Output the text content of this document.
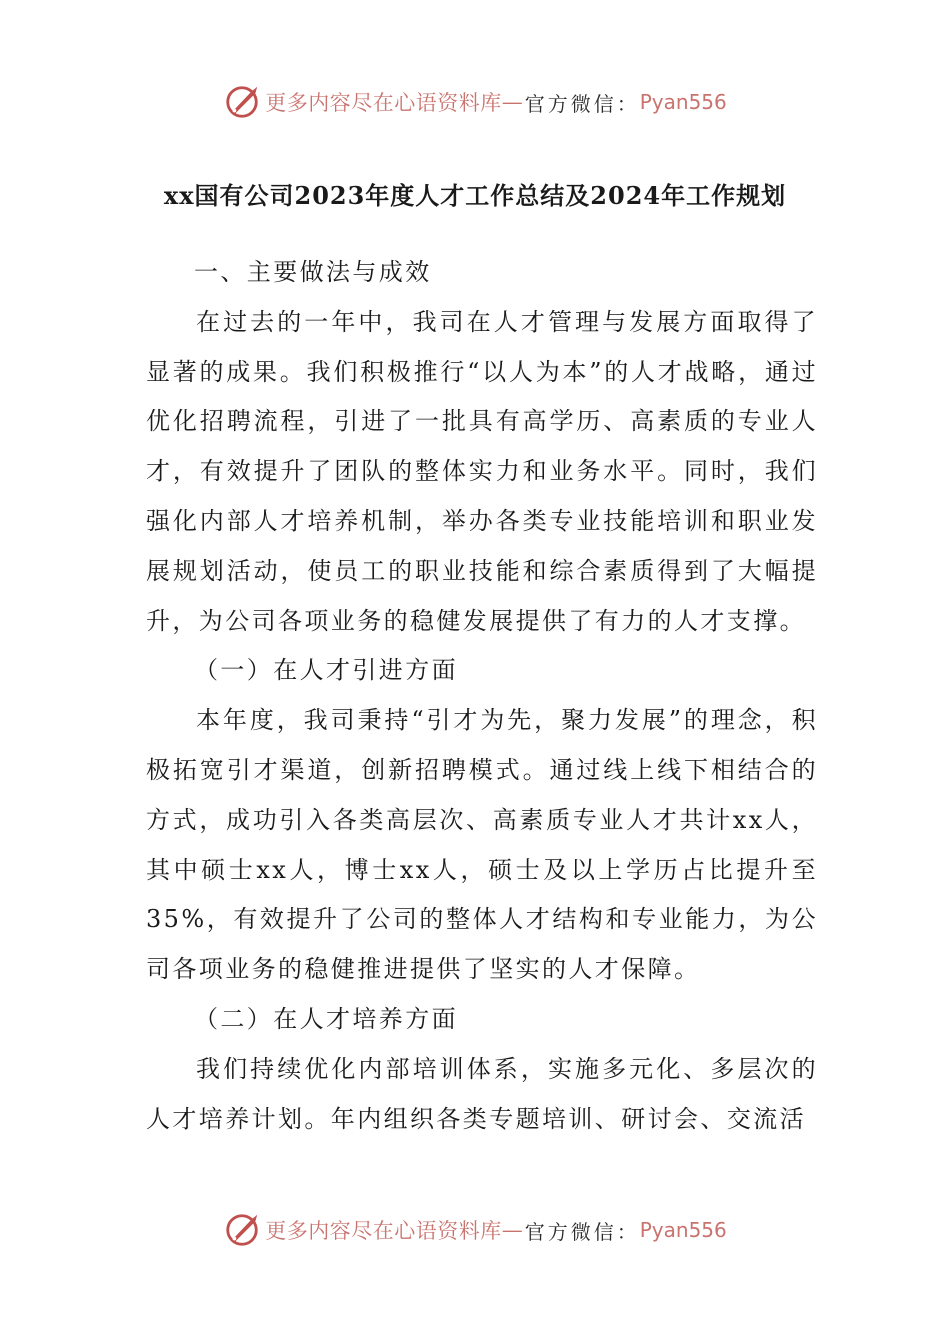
更多内容尽在心语资料库 — 官方微信： Pyan556
xx国有公司2023年度人才工作总结及2024年工作规划

一、主要做法与成效

在过去的一年中，我司在人才管理与发展方面取得了显著的成果。我们积极推行“以人为本”的人才战略，通过优化招聘流程，引进了一批具有高学历、高素质的专业人才，有效提升了团队的整体实力和业务水平。同时，我们强化内部人才培养机制，举办各类专业技能培训和职业发展规划活动，使员工的职业技能和综合素质得到了大幅提升，为公司各项业务的稳健发展提供了有力的人才支撑。

（一）在人才引进方面

本年度，我司秉持“引才为先，聚力发展”的理念，积极拓宽引才渠道，创新招聘模式。通过线上线下相结合的方式，成功引入各类高层次、高素质专业人才共计xx人，其中硕士xx人，博士xx人，硕士及以上学历占比提升至35%，有效提升了公司的整体人才结构和专业能力，为公司各项业务的稳健推进提供了坚实的人才保障。

（二）在人才培养方面

我们持续优化内部培训体系，实施多元化、多层次的人才培养计划。年内组织各类专题培训、研讨会、交流活

更多内容尽在心语资料库 — 官方微信： Pyan556
